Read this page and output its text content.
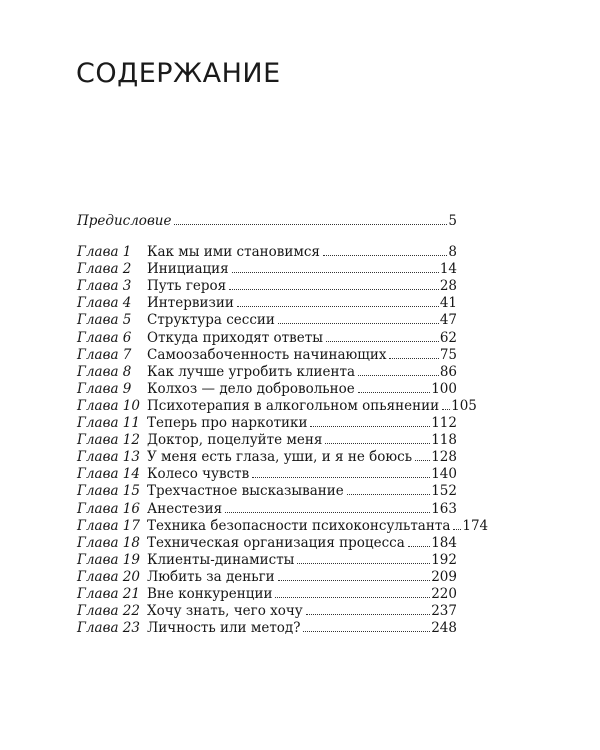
СОДЕРЖАНИЕ
Предисловие	5
Глава 1	Как мы ими становимся	8
Глава 2	Инициация	14
Глава 3	Путь героя	28
Глава 4	Интервизии	41
Глава 5	Структура сессии	47
Глава 6	Откуда приходят ответы	62
Глава 7	Самоозабоченность начинающих	75
Глава 8	Как лучше угробить клиента	86
Глава 9	Колхоз — дело добровольное	100
Глава 10 Психотерапия в алкогольном опьянении 105
Глава 11 Теперь про наркотики	112
Глава 12 Доктор, поцелуйте меня	118
Глава 13 У меня есть глаза, уши, и я не боюсь 128
Глава 14 Колесо чувств	140
Глава 15 Трехчастное высказывание	152
Глава 16 Анестезия	163
Глава 17 Техника безопасности психоконсультанта 174
Глава 18 Техническая организация процесса 184
Глава 19 Клиенты-динамисты	192
Глава 20 Любить за деньги	209
Глава 21 Вне конкуренции	220
Глава 22 Хочу знать, чего хочу	237
Глава 23 Личность или метод?	248
